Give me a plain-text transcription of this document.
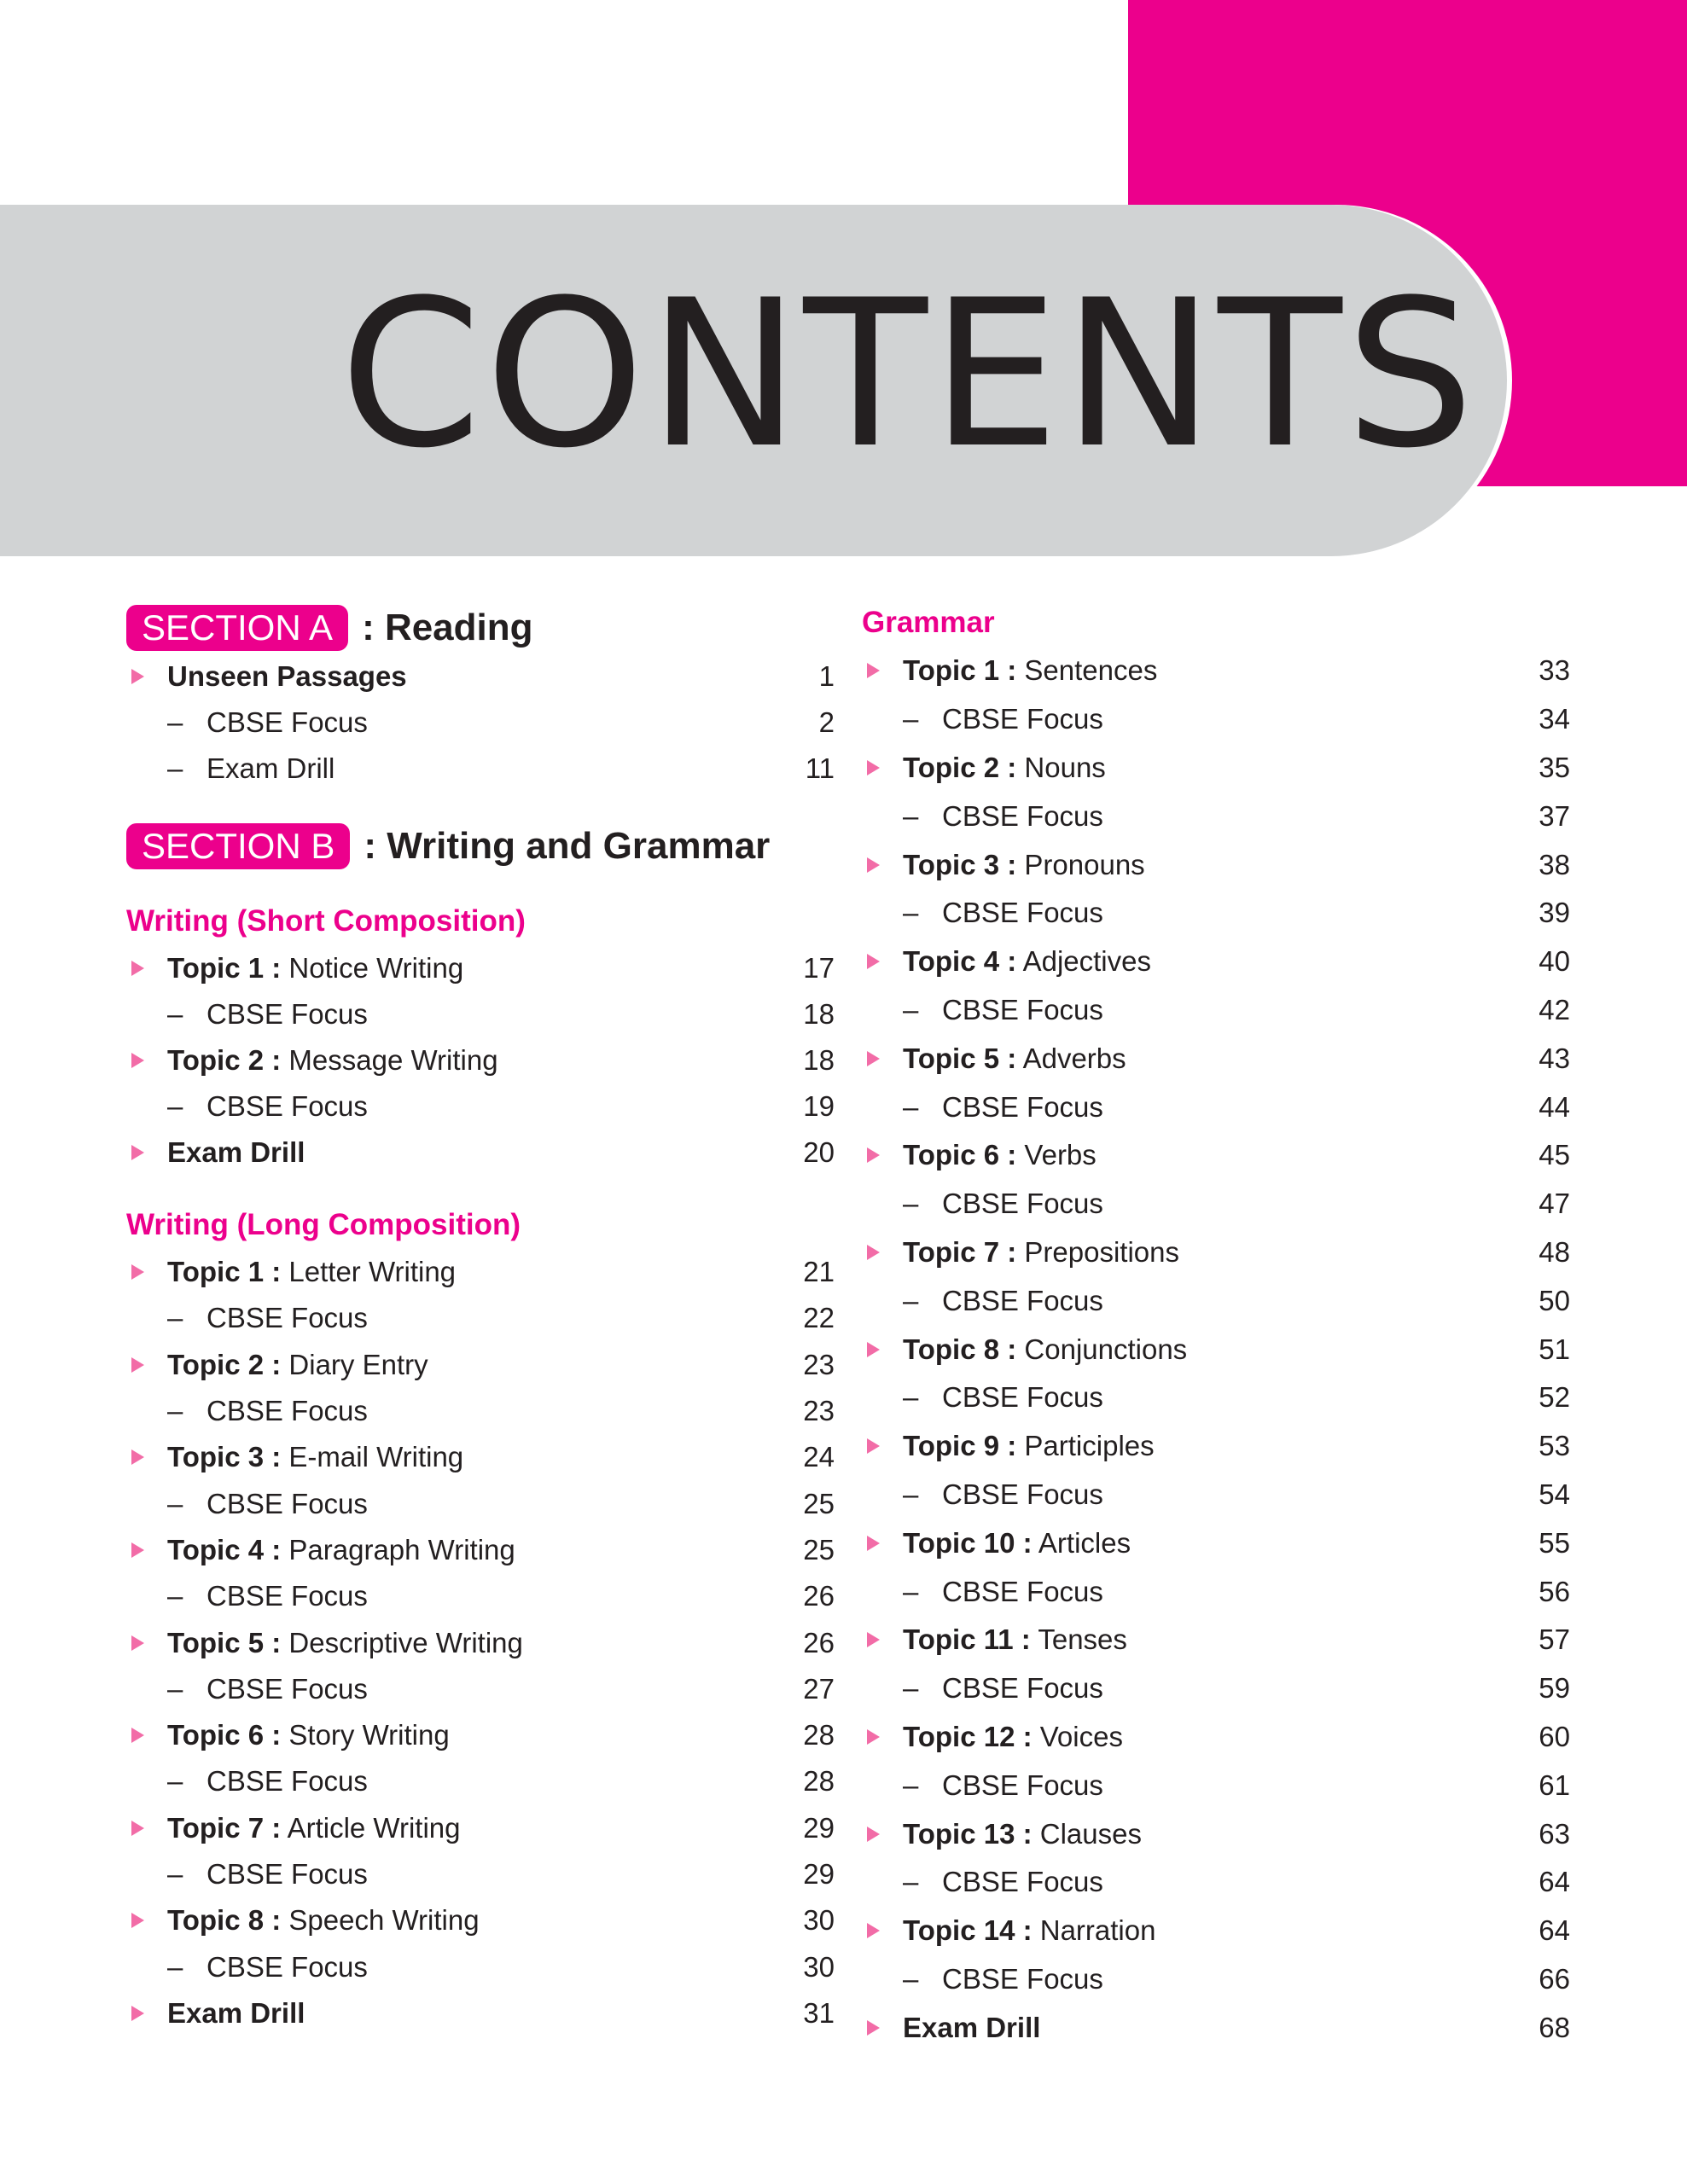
CONTENTS
SECTION A : Reading
Unseen Passages	1
– CBSE Focus	2
– Exam Drill	11
SECTION B : Writing and Grammar
Writing (Short Composition)
Topic 1 : Notice Writing	17
– CBSE Focus	18
Topic 2 : Message Writing	18
– CBSE Focus	19
Exam Drill	20
Writing (Long Composition)
Topic 1 : Letter Writing	21
– CBSE Focus	22
Topic 2 : Diary Entry	23
– CBSE Focus	23
Topic 3 : E-mail Writing	24
– CBSE Focus	25
Topic 4 : Paragraph Writing	25
– CBSE Focus	26
Topic 5 : Descriptive Writing	26
– CBSE Focus	27
Topic 6 : Story Writing	28
– CBSE Focus	28
Topic 7 : Article Writing	29
– CBSE Focus	29
Topic 8 : Speech Writing	30
– CBSE Focus	30
Exam Drill	31
Grammar
Topic 1 : Sentences	33
– CBSE Focus	34
Topic 2 : Nouns	35
– CBSE Focus	37
Topic 3 : Pronouns	38
– CBSE Focus	39
Topic 4 : Adjectives	40
– CBSE Focus	42
Topic 5 : Adverbs	43
– CBSE Focus	44
Topic 6 : Verbs	45
– CBSE Focus	47
Topic 7 : Prepositions	48
– CBSE Focus	50
Topic 8 : Conjunctions	51
– CBSE Focus	52
Topic 9 : Participles	53
– CBSE Focus	54
Topic 10 : Articles	55
– CBSE Focus	56
Topic 11 : Tenses	57
– CBSE Focus	59
Topic 12 : Voices	60
– CBSE Focus	61
Topic 13 : Clauses	63
– CBSE Focus	64
Topic 14 : Narration	64
– CBSE Focus	66
Exam Drill	68
